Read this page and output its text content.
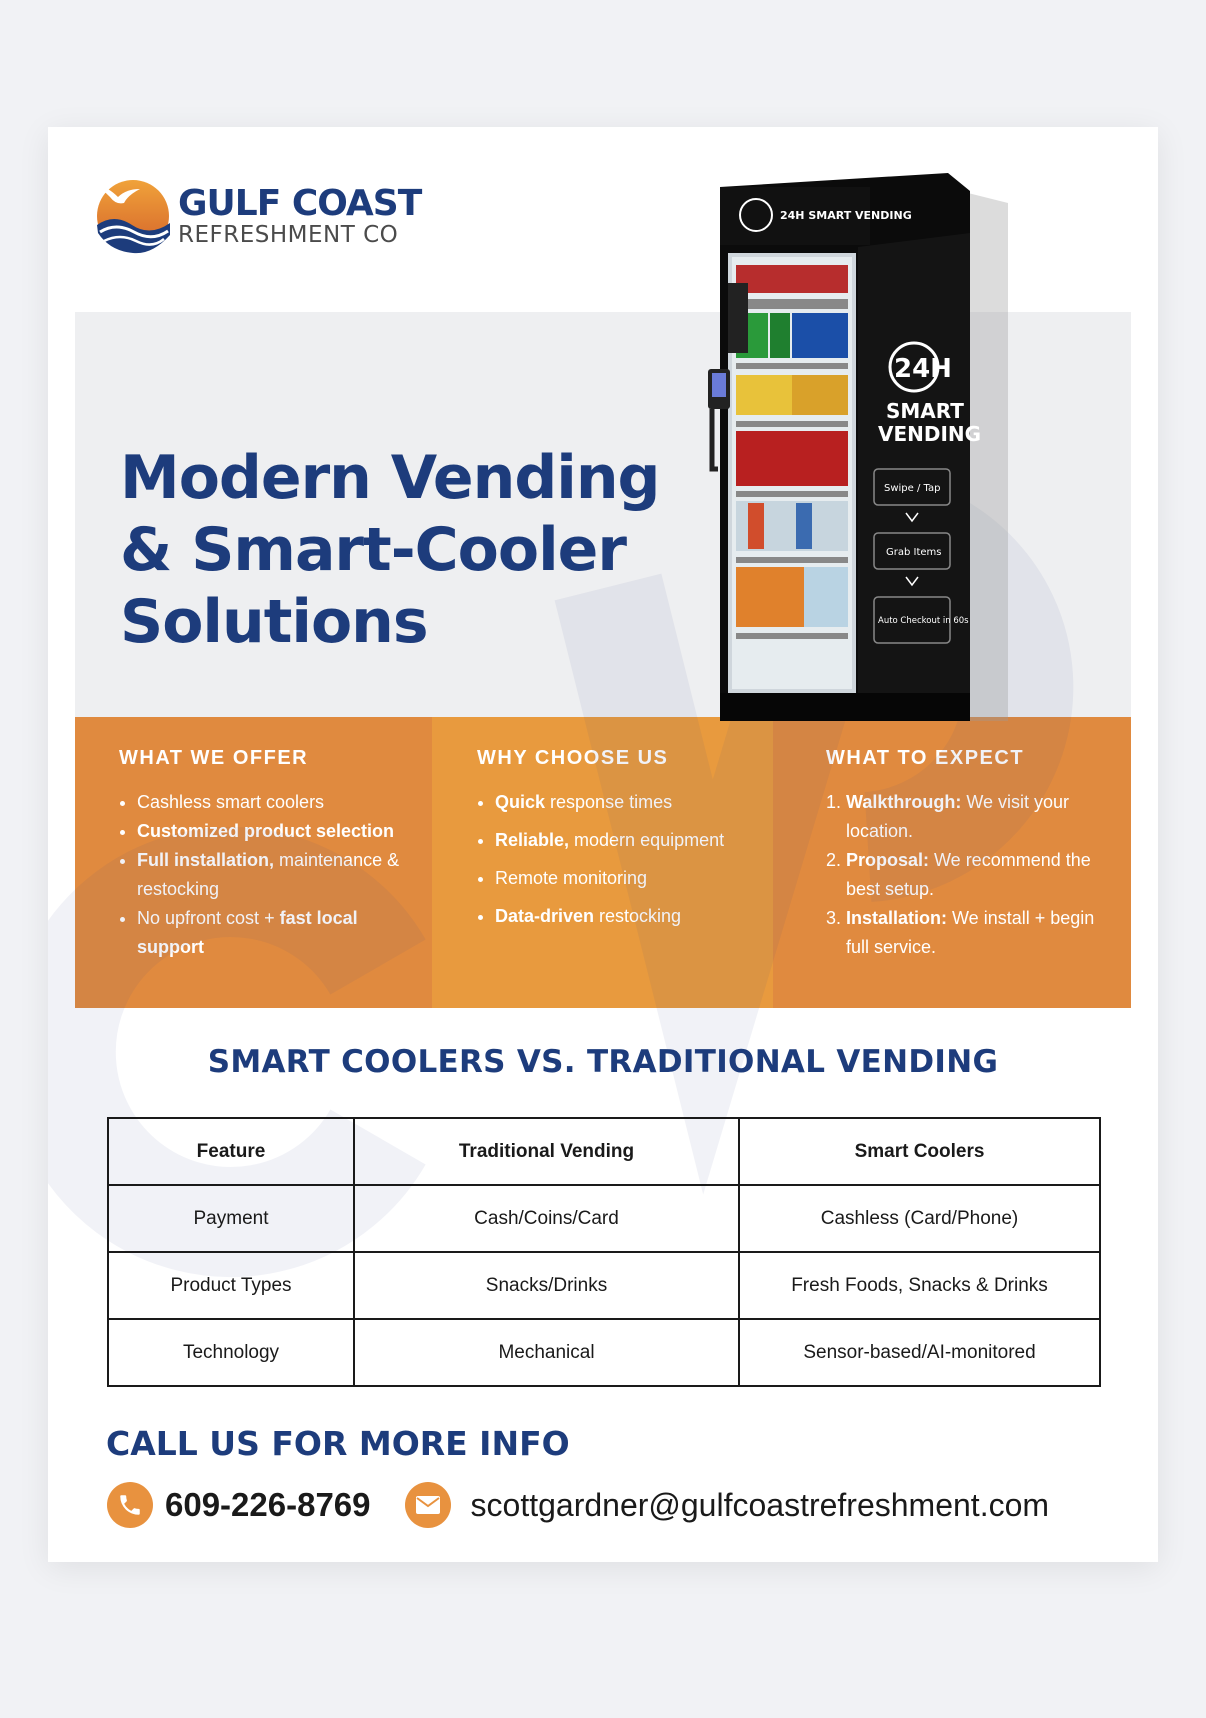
GULF COAST
REFRESHMENT CO
Modern Vending
& Smart-Cooler
Solutions
24H SMART VENDING
24H
SMART
VENDING
Swipe / Tap
Grab Items
Auto Checkout in 60s
WHAT WE OFFER
• Cashless smart coolers
• Customized product selection
• Full installation, maintenance & restocking
• No upfront cost + fast local support
WHY CHOOSE US
• Quick response times
• Reliable, modern equipment
• Remote monitoring
• Data-driven restocking
WHAT TO EXPECT
1. Walkthrough: We visit your location.
2. Proposal: We recommend the best setup.
3. Installation: We install + begin full service.
SMART COOLERS VS. TRADITIONAL VENDING
Feature	Traditional Vending	Smart Coolers
Payment	Cash/Coins/Card	Cashless (Card/Phone)
Product Types	Snacks/Drinks	Fresh Foods, Snacks & Drinks
Technology	Mechanical	Sensor-based/AI-monitored
CALL US FOR MORE INFO
609-226-8769	scottgardner@gulfcoastrefreshment.com
